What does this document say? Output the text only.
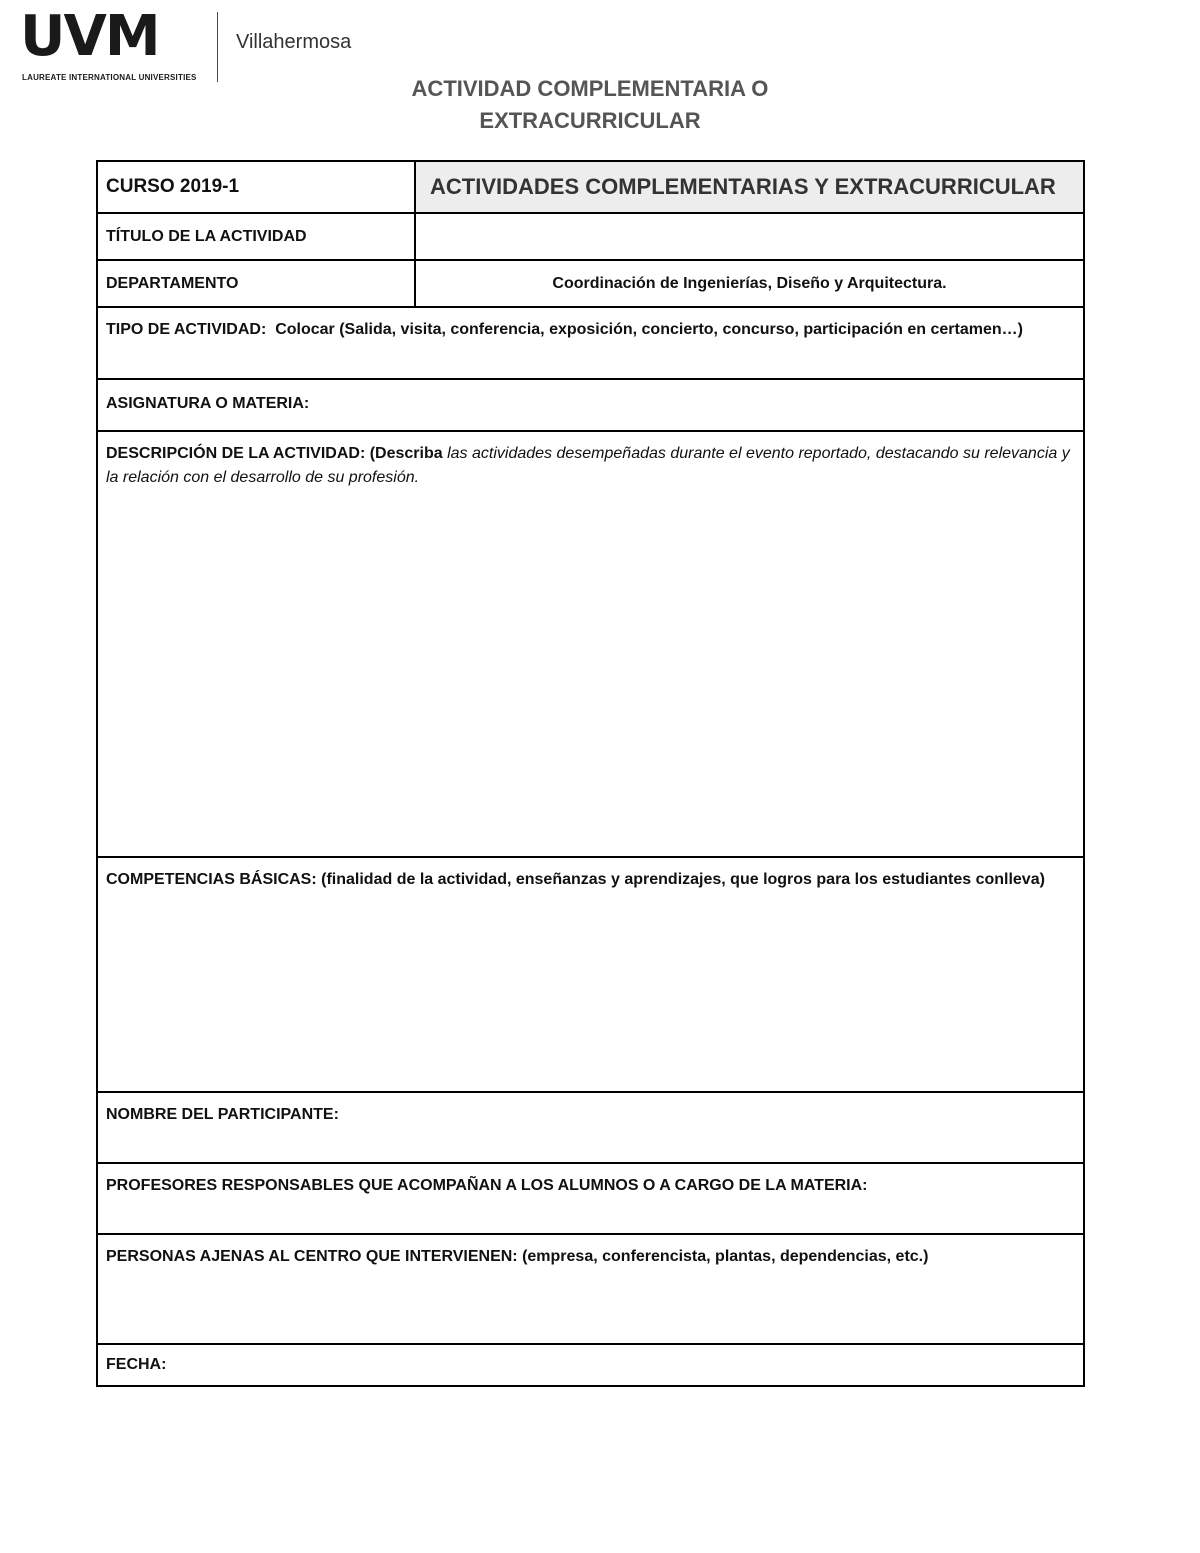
UVM
LAUREATE INTERNATIONAL UNIVERSITIES
Villahermosa
ACTIVIDAD COMPLEMENTARIA O
EXTRACURRICULAR
CURSO 2019-1	ACTIVIDADES COMPLEMENTARIAS Y EXTRACURRICULAR
TÍTULO DE LA ACTIVIDAD
DEPARTAMENTO	Coordinación de Ingenierías, Diseño y Arquitectura.
TIPO DE ACTIVIDAD: Colocar (Salida, visita, conferencia, exposición, concierto, concurso, participación en certamen…)
ASIGNATURA O MATERIA:
DESCRIPCIÓN DE LA ACTIVIDAD: (Describa las actividades desempeñadas durante el evento reportado, destacando su relevancia y la relación con el desarrollo de su profesión.
COMPETENCIAS BÁSICAS: (finalidad de la actividad, enseñanzas y aprendizajes, que logros para los estudiantes conlleva)
NOMBRE DEL PARTICIPANTE:
PROFESORES RESPONSABLES QUE ACOMPAÑAN A LOS ALUMNOS O A CARGO DE LA MATERIA:
PERSONAS AJENAS AL CENTRO QUE INTERVIENEN: (empresa, conferencista, plantas, dependencias, etc.)
FECHA:
